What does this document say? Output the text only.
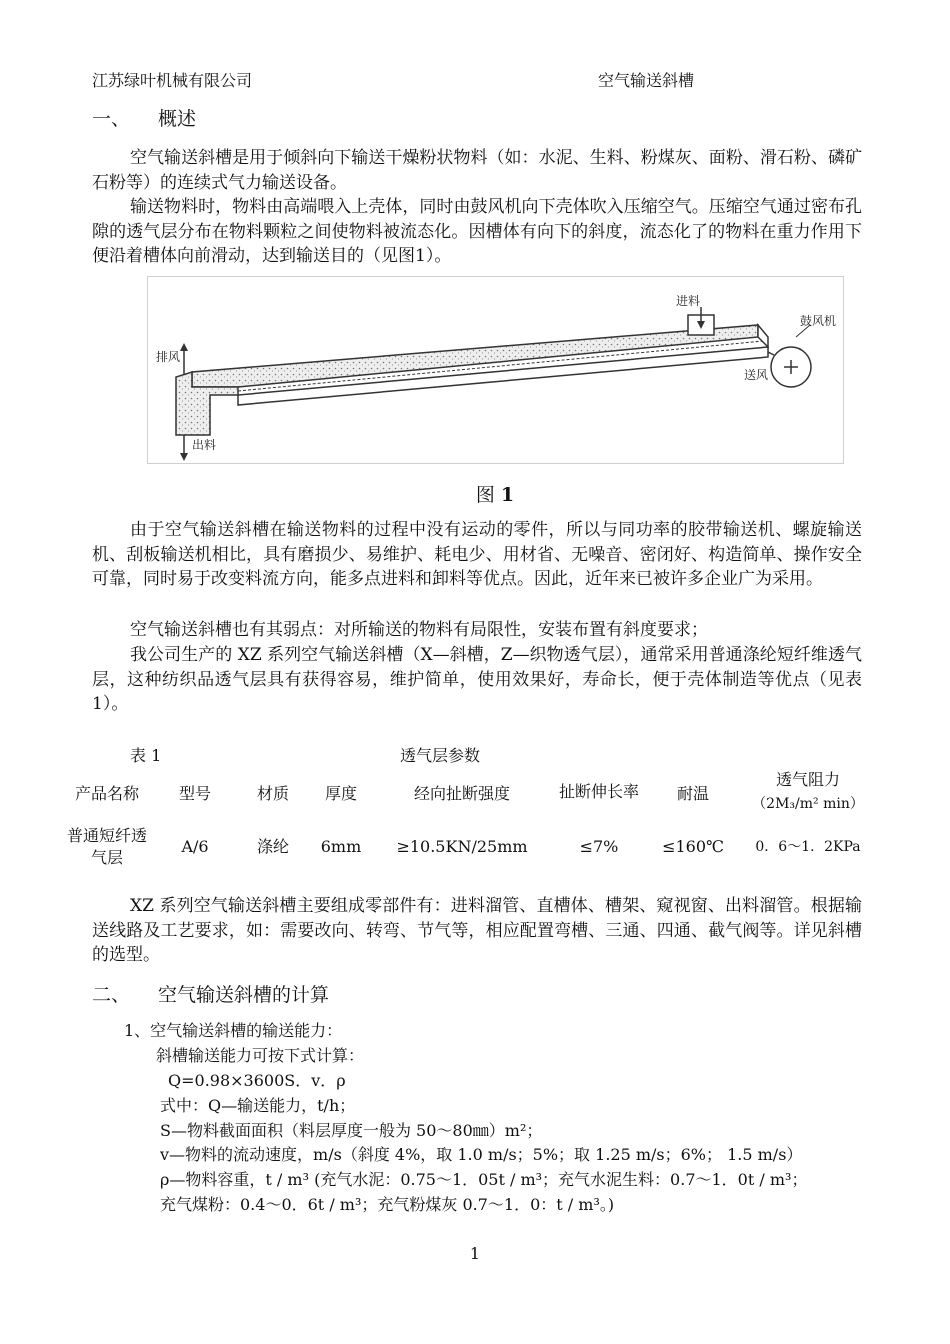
江苏绿叶机械有限公司	空气输送斜槽
一、 概述

空气输送斜槽是用于倾斜向下输送干燥粉状物料（如：水泥、生料、粉煤灰、面粉、滑石粉、磷矿石粉等）的连续式气力输送设备。

输送物料时，物料由高端喂入上壳体，同时由鼓风机向下壳体吹入压缩空气。压缩空气通过密布孔隙的透气层分布在物料颗粒之间使物料被流态化。因槽体有向下的斜度，流态化了的物料在重力作用下便沿着槽体向前滑动，达到输送目的（见图1）。

进料
鼓风机
排风
送风
出料
图 1

由于空气输送斜槽在输送物料的过程中没有运动的零件，所以与同功率的胶带输送机、螺旋输送机、刮板输送机相比，具有磨损少、易维护、耗电少、用材省、无噪音、密闭好、构造简单、操作安全可靠，同时易于改变料流方向，能多点进料和卸料等优点。因此，近年来已被许多企业广为采用。

空气输送斜槽也有其弱点：对所输送的物料有局限性，安装布置有斜度要求；

我公司生产的 XZ 系列空气输送斜槽（X—斜槽，Z—织物透气层），通常采用普通涤纶短纤维透气层，这种纺织品透气层具有获得容易，维护简单，使用效果好，寿命长，便于壳体制造等优点（见表 1）。

表 1	透气层参数
产品名称	型号	材质	厚度	经向扯断强度	扯断伸长率	耐温	透气阻力
（2M₃/m² min）

普通短纤透气层	A/6	涤纶	6mm	≥10.5KN/25mm	≤7%	≤160℃	0．6～1．2KPa

XZ 系列空气输送斜槽主要组成零部件有：进料溜管、直槽体、槽架、窥视窗、出料溜管。根据输送线路及工艺要求，如：需要改向、转弯、节气等，相应配置弯槽、三通、四通、截气阀等。详见斜槽的选型。

二、 空气输送斜槽的计算
1、空气输送斜槽的输送能力：
斜槽输送能力可按下式计算：
Q=0.98×3600S．v．ρ
式中：Q—输送能力，t/h；
S—物料截面面积（料层厚度一般为 50～80㎜）m²；
v—物料的流动速度，m/s（斜度 4%，取 1.0 m/s；5%；取 1.25 m/s；6%； 1.5 m/s）
ρ—物料容重，t / m³ (充气水泥：0.75～1．05t / m³；充气水泥生料：0.7～1．0t / m³；
充气煤粉：0.4～0．6t / m³；充气粉煤灰 0.7～1．0：t / m³。)
1
